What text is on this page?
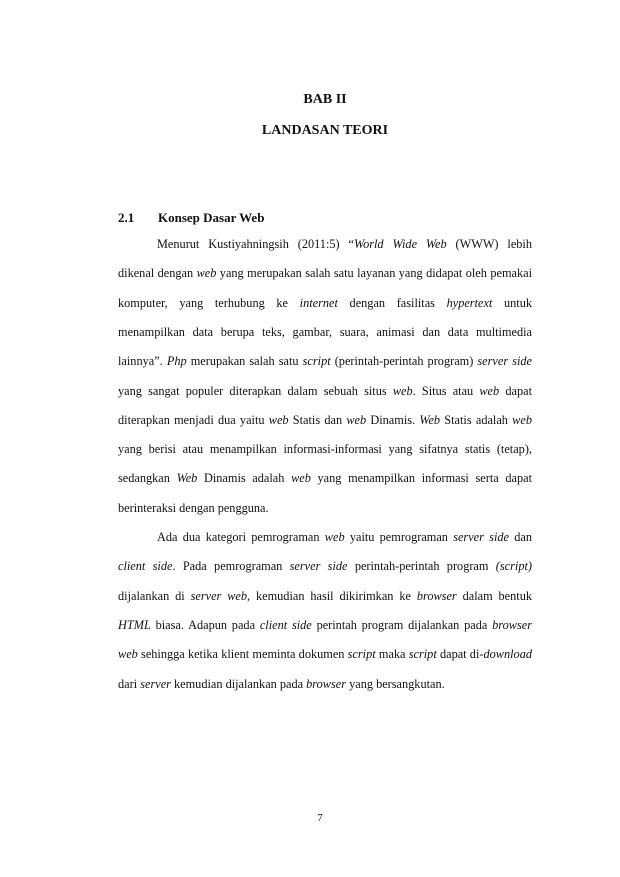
BAB II
LANDASAN TEORI
2.1 Konsep Dasar Web
Menurut Kustiyahningsih (2011:5) “World Wide Web (WWW) lebih
dikenal dengan web yang merupakan salah satu layanan yang didapat oleh pemakai
komputer, yang terhubung ke internet dengan fasilitas hypertext untuk
menampilkan data berupa teks, gambar, suara, animasi dan data multimedia
lainnya”. Php merupakan salah satu script (perintah-perintah program) server side
yang sangat populer diterapkan dalam sebuah situs web. Situs atau web dapat
diterapkan menjadi dua yaitu web Statis dan web Dinamis. Web Statis adalah web
yang berisi atau menampilkan informasi-informasi yang sifatnya statis (tetap),
sedangkan Web Dinamis adalah web yang menampilkan informasi serta dapat
berinteraksi dengan pengguna.
Ada dua kategori pemrograman web yaitu pemrograman server side dan
client side. Pada pemrograman server side perintah-perintah program (script)
dijalankan di server web, kemudian hasil dikirimkan ke browser dalam bentuk
HTML biasa. Adapun pada client side perintah program dijalankan pada browser
web sehingga ketika klient meminta dokumen script maka script dapat di-download
dari server kemudian dijalankan pada browser yang bersangkutan.
7
